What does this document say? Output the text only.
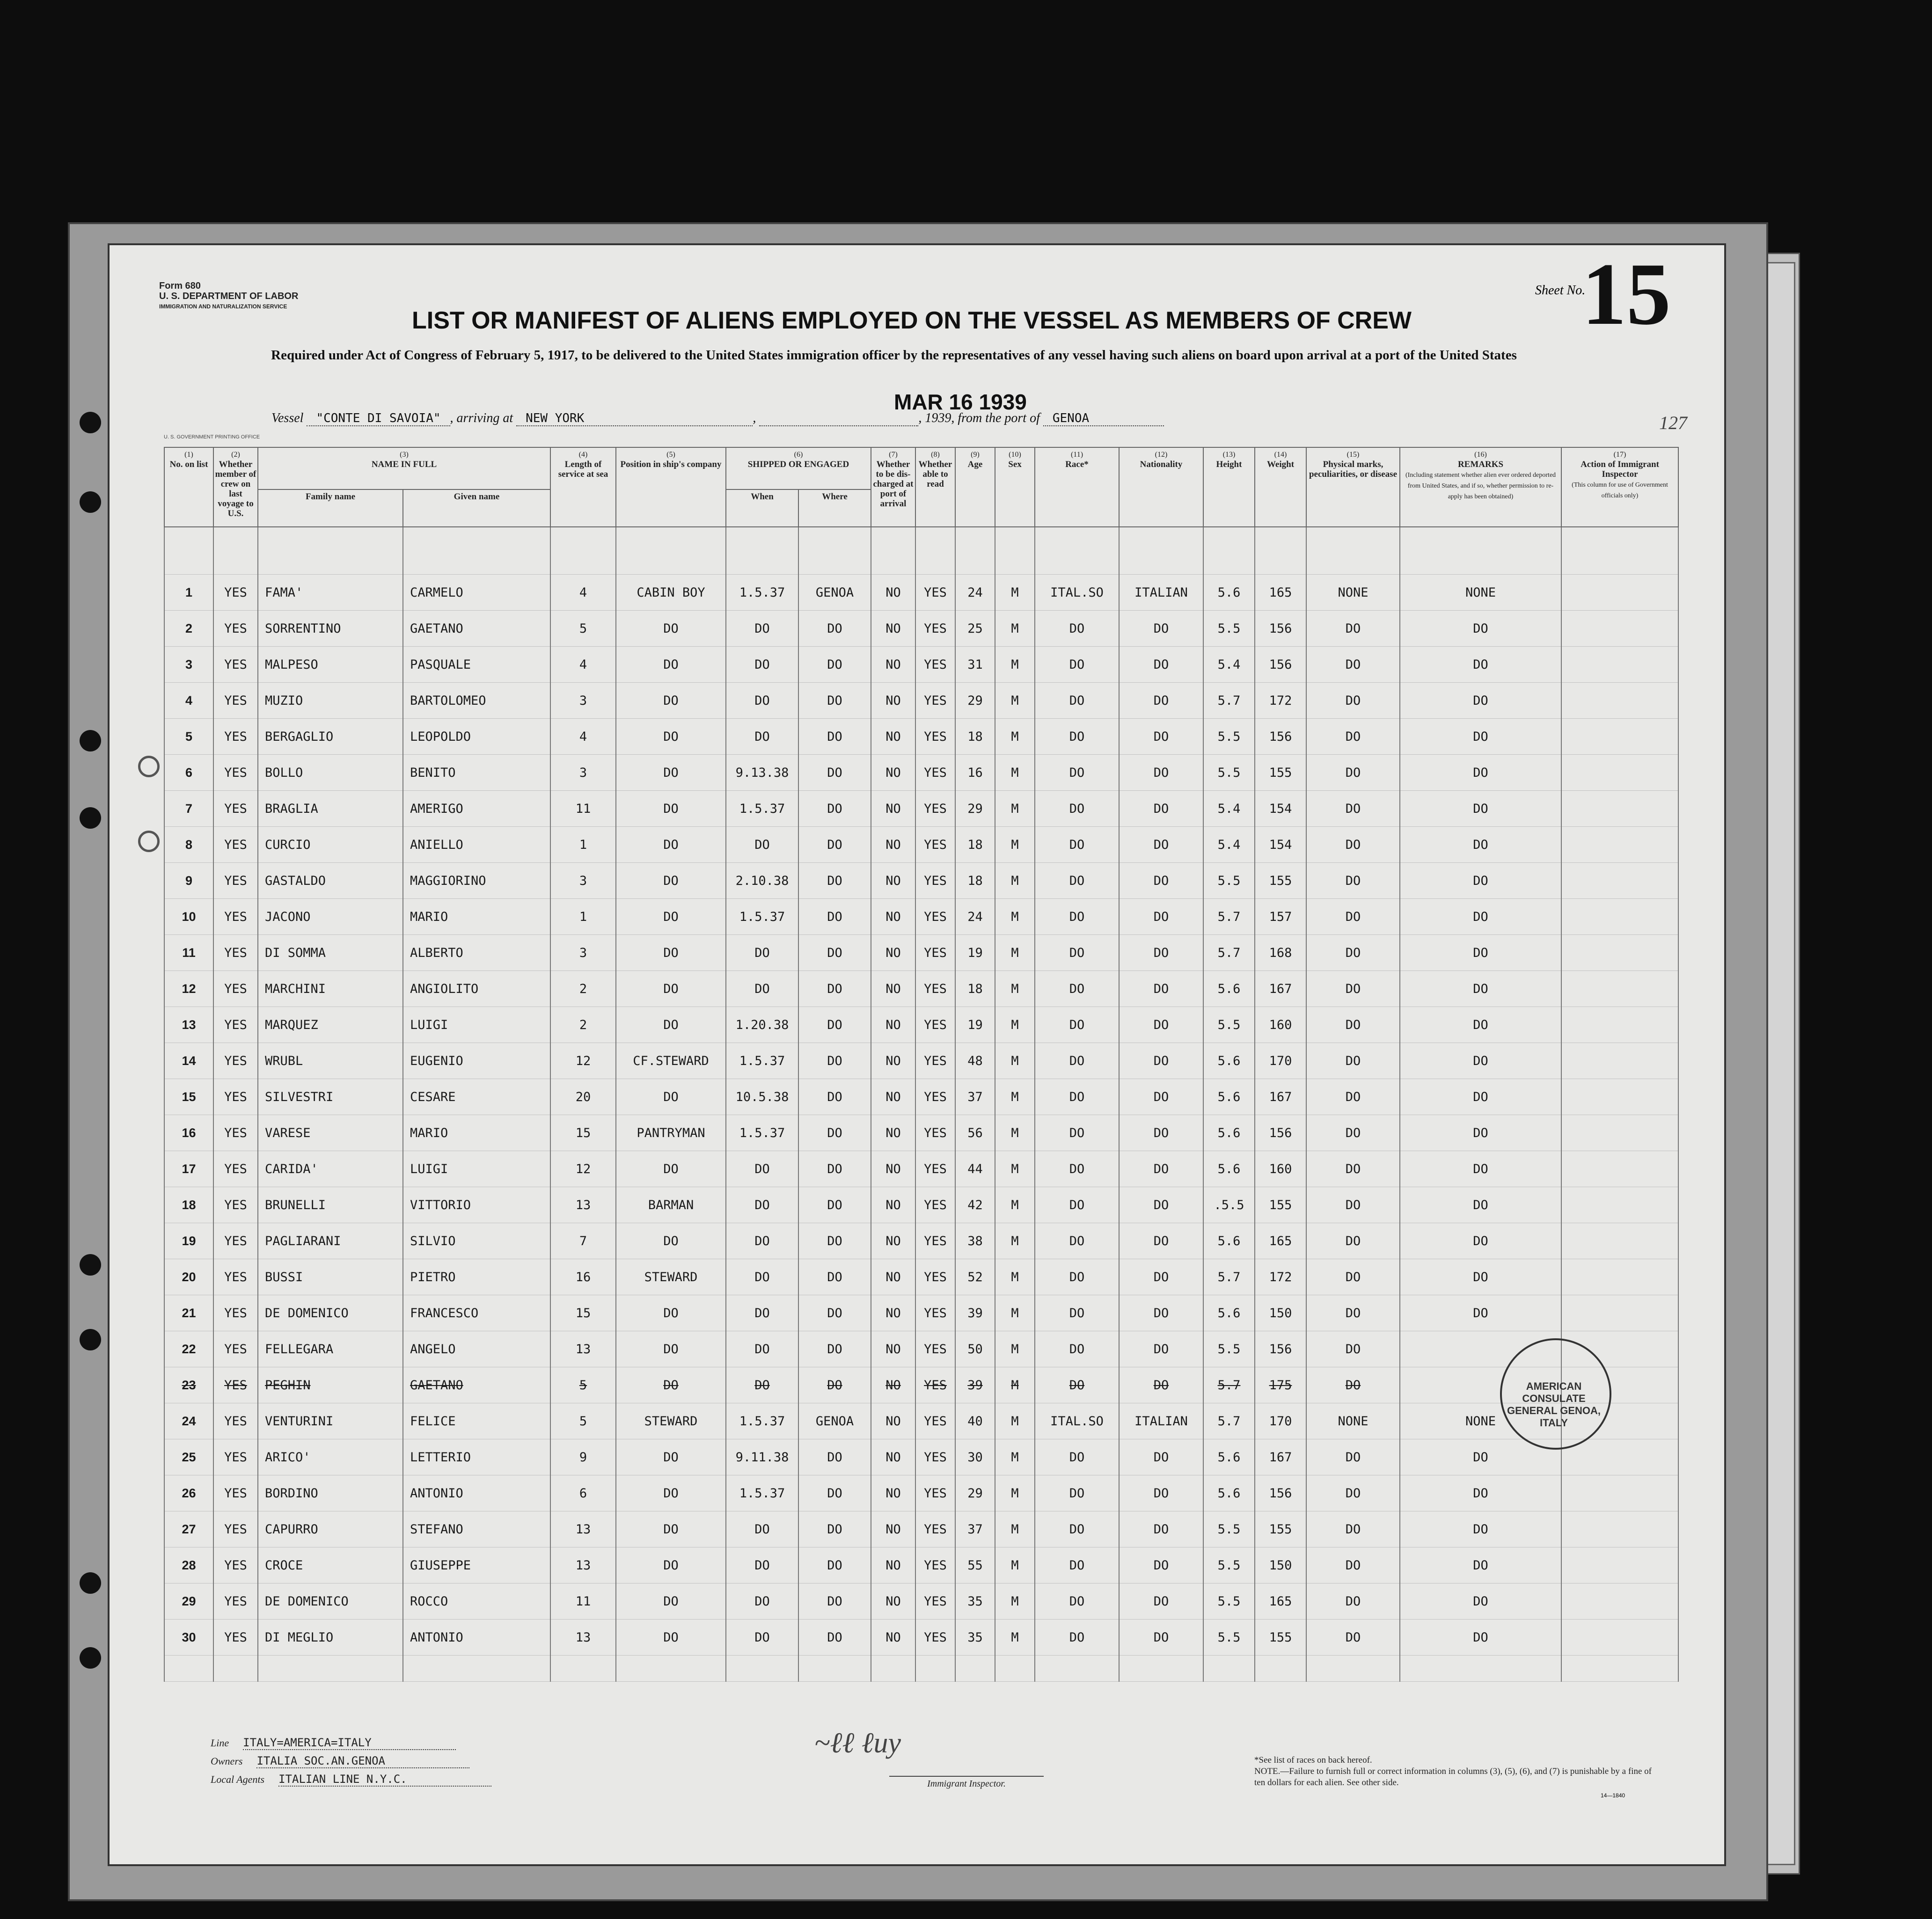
Form 680
U. S. DEPARTMENT OF LABOR
IMMIGRATION AND NATURALIZATION SERVICE
Sheet No.
15
LIST OR MANIFEST OF ALIENS EMPLOYED ON THE VESSEL AS MEMBERS OF CREW
Required under Act of Congress of February 5, 1917, to be delivered to the United States immigration officer by the representatives of any vessel having such aliens on board upon arrival at a port of the United States
MAR 16 1939
Vessel "CONTE DI SAVOIA" , arriving at NEW YORK	,	, 1939, from the port of GENOA	127
U. S. GOVERNMENT PRINTING OFFICE
(1)
No. on list	(2)
Whether member of crew on last voyage to U.S.	(3)
NAME IN FULL		(4)
Length of service at sea	(5)
Position in ship's company	(6)
SHIPPED OR ENGAGED		(7)
Whether to be dis-charged at port of arrival	(8)
Whether able to read	(9)
Age	(10)
Sex	(11)
Race*	(12)
Nationality	(13)
Height	(14)
Weight	(15)
Physical marks, peculiarities, or disease	(16)
REMARKS
(Including statement whether alien ever ordered deported from United States, and if so, whether permission to re-apply has been obtained)	(17)
Action of Immigrant Inspector
(This column for use of Government officials only)
		Family name	Given name			When	Where											

1	YES	FAMA'	CARMELO	4	CABIN BOY	1.5.37	GENOA	NO	YES	24	M	ITAL.SO	ITALIAN	5.6	165	NONE	NONE	
2	YES	SORRENTINO	GAETANO	5	DO	DO	DO	NO	YES	25	M	DO	DO	5.5	156	DO	DO	
3	YES	MALPESO	PASQUALE	4	DO	DO	DO	NO	YES	31	M	DO	DO	5.4	156	DO	DO	
4	YES	MUZIO	BARTOLOMEO	3	DO	DO	DO	NO	YES	29	M	DO	DO	5.7	172	DO	DO	
5	YES	BERGAGLIO	LEOPOLDO	4	DO	DO	DO	NO	YES	18	M	DO	DO	5.5	156	DO	DO	
6	YES	BOLLO	BENITO	3	DO	9.13.38	DO	NO	YES	16	M	DO	DO	5.5	155	DO	DO	
7	YES	BRAGLIA	AMERIGO	11	DO	1.5.37	DO	NO	YES	29	M	DO	DO	5.4	154	DO	DO	
8	YES	CURCIO	ANIELLO	1	DO	DO	DO	NO	YES	18	M	DO	DO	5.4	154	DO	DO	
9	YES	GASTALDO	MAGGIORINO	3	DO	2.10.38	DO	NO	YES	18	M	DO	DO	5.5	155	DO	DO	
10	YES	JACONO	MARIO	1	DO	1.5.37	DO	NO	YES	24	M	DO	DO	5.7	157	DO	DO	
11	YES	DI SOMMA	ALBERTO	3	DO	DO	DO	NO	YES	19	M	DO	DO	5.7	168	DO	DO	
12	YES	MARCHINI	ANGIOLITO	2	DO	DO	DO	NO	YES	18	M	DO	DO	5.6	167	DO	DO	
13	YES	MARQUEZ	LUIGI	2	DO	1.20.38	DO	NO	YES	19	M	DO	DO	5.5	160	DO	DO	
14	YES	WRUBL	EUGENIO	12	CF.STEWARD	1.5.37	DO	NO	YES	48	M	DO	DO	5.6	170	DO	DO	
15	YES	SILVESTRI	CESARE	20	DO	10.5.38	DO	NO	YES	37	M	DO	DO	5.6	167	DO	DO	
16	YES	VARESE	MARIO	15	PANTRYMAN	1.5.37	DO	NO	YES	56	M	DO	DO	5.6	156	DO	DO	
17	YES	CARIDA'	LUIGI	12	DO	DO	DO	NO	YES	44	M	DO	DO	5.6	160	DO	DO	
18	YES	BRUNELLI	VITTORIO	13	BARMAN	DO	DO	NO	YES	42	M	DO	DO	.5.5	155	DO	DO	
19	YES	PAGLIARANI	SILVIO	7	DO	DO	DO	NO	YES	38	M	DO	DO	5.6	165	DO	DO	
20	YES	BUSSI	PIETRO	16	STEWARD	DO	DO	NO	YES	52	M	DO	DO	5.7	172	DO	DO	
21	YES	DE DOMENICO	FRANCESCO	15	DO	DO	DO	NO	YES	39	M	DO	DO	5.6	150	DO	DO	
22	YES	FELLEGARA	ANGELO	13	DO	DO	DO	NO	YES	50	M	DO	DO	5.5	156	DO		
23	YES	PEGHIN	GAETANO	5	DO	DO	DO	NO	YES	39	M	DO	DO	5.7	175	DO		
24	YES	VENTURINI	FELICE	5	STEWARD	1.5.37	GENOA	NO	YES	40	M	ITAL.SO	ITALIAN	5.7	170	NONE	NONE	
25	YES	ARICO'	LETTERIO	9	DO	9.11.38	DO	NO	YES	30	M	DO	DO	5.6	167	DO	DO	
26	YES	BORDINO	ANTONIO	6	DO	1.5.37	DO	NO	YES	29	M	DO	DO	5.6	156	DO	DO	
27	YES	CAPURRO	STEFANO	13	DO	DO	DO	NO	YES	37	M	DO	DO	5.5	155	DO	DO	
28	YES	CROCE	GIUSEPPE	13	DO	DO	DO	NO	YES	55	M	DO	DO	5.5	150	DO	DO	
29	YES	DE DOMENICO	ROCCO	11	DO	DO	DO	NO	YES	35	M	DO	DO	5.5	165	DO	DO	
30	YES	DI MEGLIO	ANTONIO	13	DO	DO	DO	NO	YES	35	M	DO	DO	5.5	155	DO	DO	

Line ITALY=AMERICA=ITALY
Owners ITALIA SOC.AN.GENOA
Local Agents ITALIAN LINE N.Y.C.
~ℓℓ ℓuy
Immigrant Inspector.
*See list of races on back hereof.
NOTE.—Failure to furnish full or correct information in columns (3), (5), (6), and (7) is punishable by a fine of ten dollars for each alien. See other side.
14—1840
AMERICAN CONSULATE GENERAL GENOA, ITALY
